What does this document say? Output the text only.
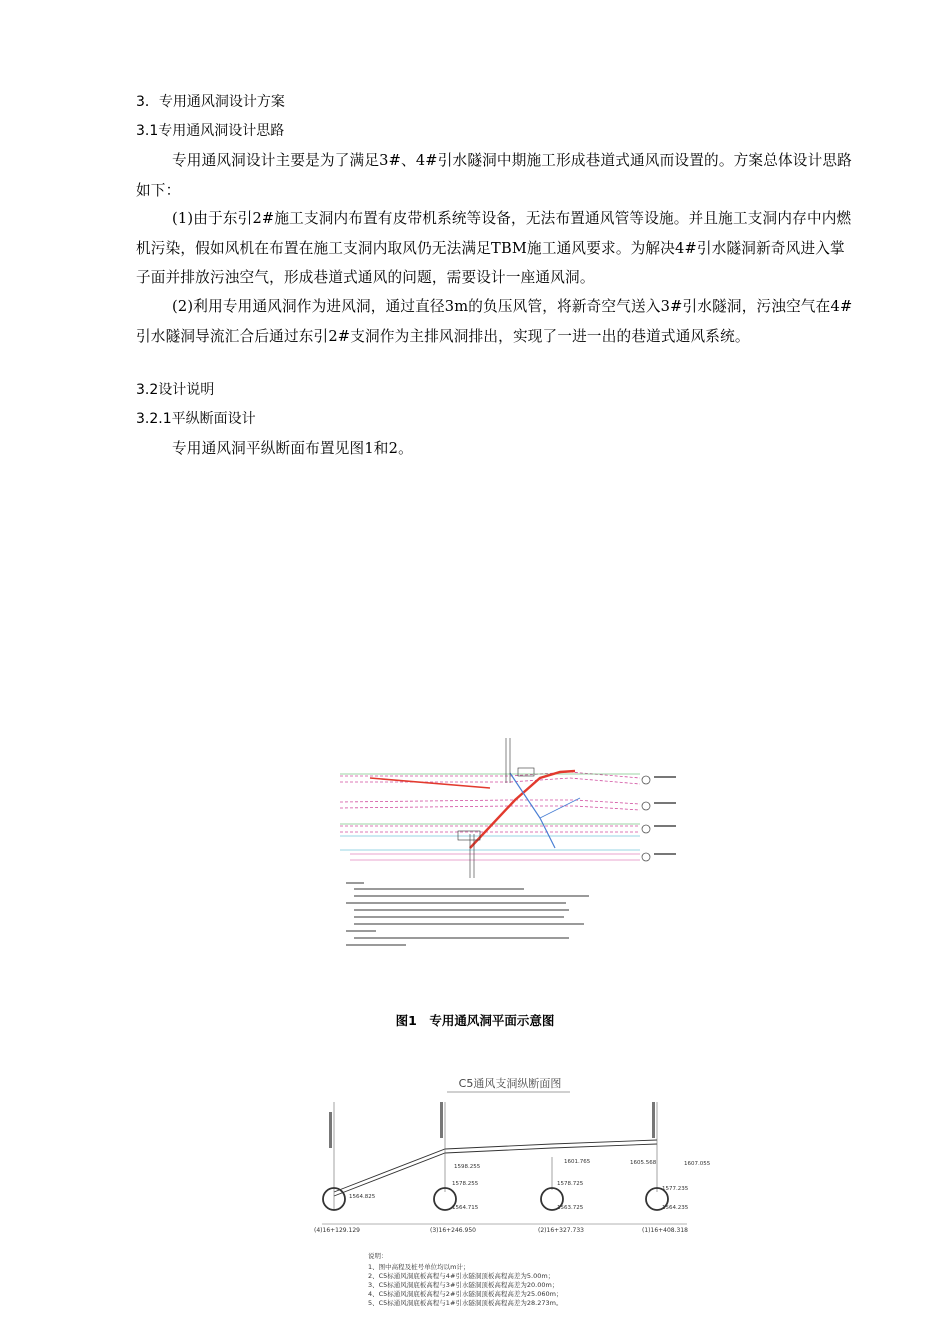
3．专用通风洞设计方案
3.1专用通风洞设计思路

专用通风洞设计主要是为了满足3#、4#引水隧洞中期施工形成巷道式通风而设置的。方案总体设计思路如下：

(1)由于东引2#施工支洞内布置有皮带机系统等设备，无法布置通风管等设施。并且施工支洞内存中内燃机污染，假如风机在布置在施工支洞内取风仍无法满足TBM施工通风要求。为解决4#引水隧洞新奇风进入掌子面并排放污浊空气，形成巷道式通风的问题，需要设计一座通风洞。

(2)利用专用通风洞作为进风洞，通过直径3m的负压风管，将新奇空气送入3#引水隧洞，污浊空气在4#引水隧洞导流汇合后通过东引2#支洞作为主排风洞排出，实现了一进一出的巷道式通风系统。

3.2设计说明
3.2.1平纵断面设计

专用通风洞平纵断面布置见图1和2。

图1　专用通风洞平面示意图
C5通风支洞纵断面图
1564.825
1598.255
1578.255
1601.765
1564.715
1578.725
1563.725
1605.568	1607.055
1577.235
1564.235
(4)16+129.129	(3)16+246.950	(2)16+327.733	(1)16+408.318
说明：
1、图中高程及桩号单位均以m计；
2、C5标通风洞底板高程与4#引水隧洞顶板高程高差为5.00m；
3、C5标通风洞底板高程与3#引水隧洞顶板高程高差为20.00m；
4、C5标通风洞底板高程与2#引水隧洞顶板高程高差为25.060m；
5、C5标通风洞底板高程与1#引水隧洞顶板高程高差为28.273m。
